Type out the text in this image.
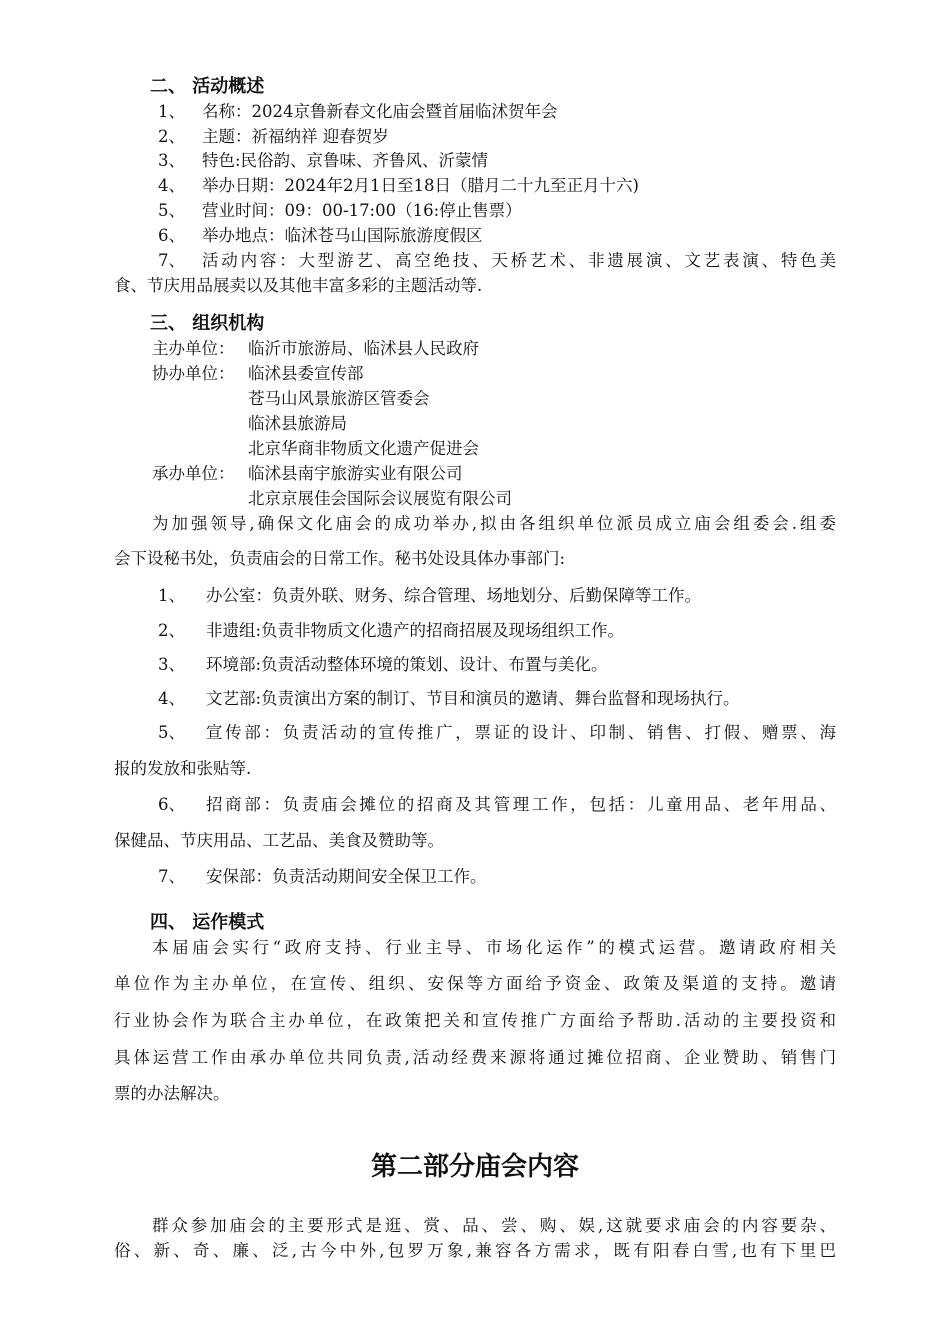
二、 活动概述
1、 名称：2024京鲁新春文化庙会暨首届临沭贺年会
2、 主题：祈福纳祥 迎春贺岁
3、 特色:民俗韵、京鲁味、齐鲁风、沂蒙情
4、 举办日期：2024年2月1日至18日（腊月二十九至正月十六)
5、 营业时间：09：00-17:00（16:停止售票）
6、 举办地点：临沭苍马山国际旅游度假区
7、 活动内容：大型游艺、高空绝技、天桥艺术、非遗展演、文艺表演、特色美
食、节庆用品展卖以及其他丰富多彩的主题活动等.
三、 组织机构
主办单位： 临沂市旅游局、临沭县人民政府
协办单位： 临沭县委宣传部
苍马山风景旅游区管委会
临沭县旅游局
北京华商非物质文化遗产促进会
承办单位： 临沭县南宇旅游实业有限公司
北京京展佳会国际会议展览有限公司
为加强领导,确保文化庙会的成功举办,拟由各组织单位派员成立庙会组委会.组委
会下设秘书处，负责庙会的日常工作。秘书处设具体办事部门:
1、 办公室：负责外联、财务、综合管理、场地划分、后勤保障等工作。
2、 非遗组:负责非物质文化遗产的招商招展及现场组织工作。
3、 环境部:负责活动整体环境的策划、设计、布置与美化。
4、 文艺部:负责演出方案的制订、节目和演员的邀请、舞台监督和现场执行。
5、 宣传部：负责活动的宣传推广，票证的设计、印制、销售、打假、赠票、海
报的发放和张贴等.
6、 招商部：负责庙会摊位的招商及其管理工作，包括：儿童用品、老年用品、
保健品、节庆用品、工艺品、美食及赞助等。
7、 安保部：负责活动期间安全保卫工作。
四、 运作模式
本届庙会实行“政府支持、行业主导、市场化运作”的模式运营。邀请政府相关
单位作为主办单位，在宣传、组织、安保等方面给予资金、政策及渠道的支持。邀请
行业协会作为联合主办单位，在政策把关和宣传推广方面给予帮助.活动的主要投资和
具体运营工作由承办单位共同负责,活动经费来源将通过摊位招商、企业赞助、销售门
票的办法解决。
第二部分庙会内容
群众参加庙会的主要形式是逛、赏、品、尝、购、娱,这就要求庙会的内容要杂、
俗、新、奇、廉、泛,古今中外,包罗万象,兼容各方需求，既有阳春白雪,也有下里巴
